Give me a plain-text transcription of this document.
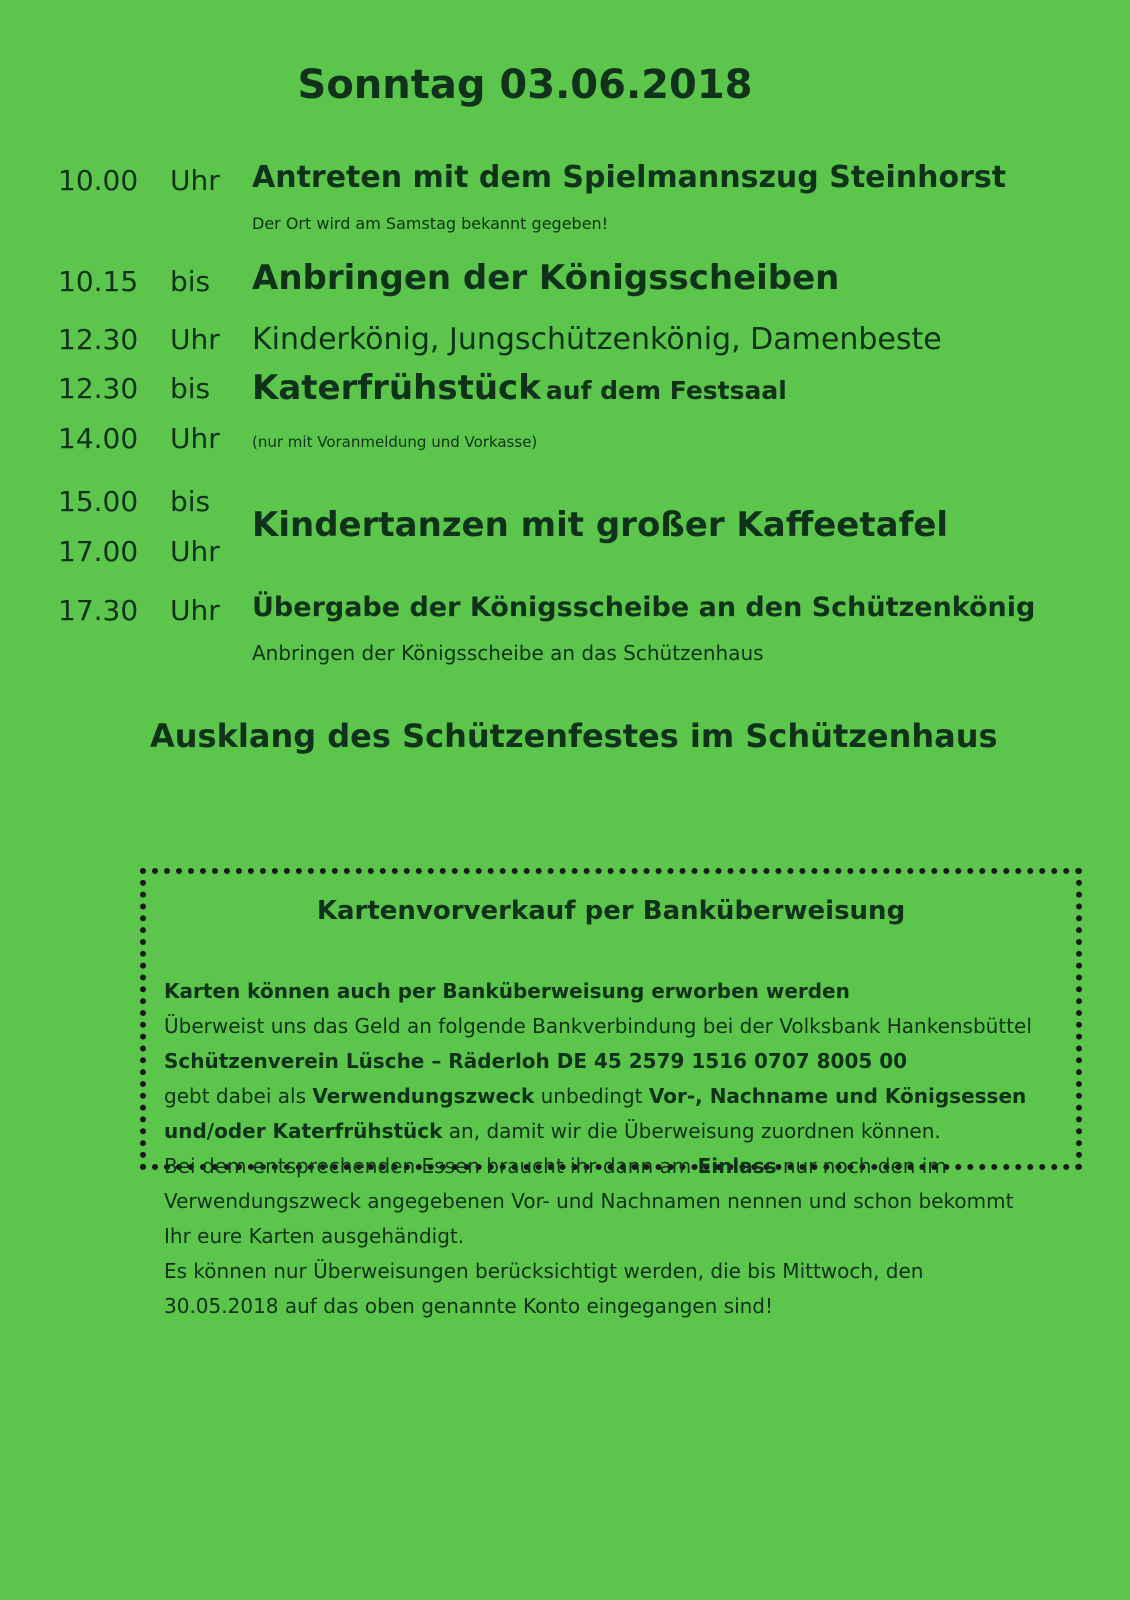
Sonntag 03.06.2018
10.00 Uhr Antreten mit dem Spielmannszug Steinhorst
Der Ort wird am Samstag bekannt gegeben!
10.15 bis Anbringen der Königsscheiben
12.30 Uhr Kinderkönig, Jungschützenkönig, Damenbeste
12.30 bis Katerfrühstück auf dem Festsaal
14.00 Uhr (nur mit Voranmeldung und Vorkasse)
15.00 bis
17.00 Uhr
Kindertanzen mit großer Kaffeetafel
17.30 Uhr Übergabe der Königsscheibe an den Schützenkönig
Anbringen der Königsscheibe an das Schützenhaus
Ausklang des Schützenfestes im Schützenhaus
Kartenvorverkauf per Banküberweisung

Karten können auch per Banküberweisung erworben werden

Überweist uns das Geld an folgende Bankverbindung bei der Volksbank Hankensbüttel

Schützenverein Lüsche – Räderloh DE 45 2579 1516 0707 8005 00

gebt dabei als Verwendungszweck unbedingt Vor-, Nachname und Königsessen und/oder Katerfrühstück an, damit wir die Überweisung zuordnen können.

Bei dem entsprechenden Essen braucht ihr dann am Einlass nur noch den im Verwendungszweck angegebenen Vor- und Nachnamen nennen und schon bekommt Ihr eure Karten ausgehändigt.

Es können nur Überweisungen berücksichtigt werden, die bis Mittwoch, den 30.05.2018 auf das oben genannte Konto eingegangen sind!
